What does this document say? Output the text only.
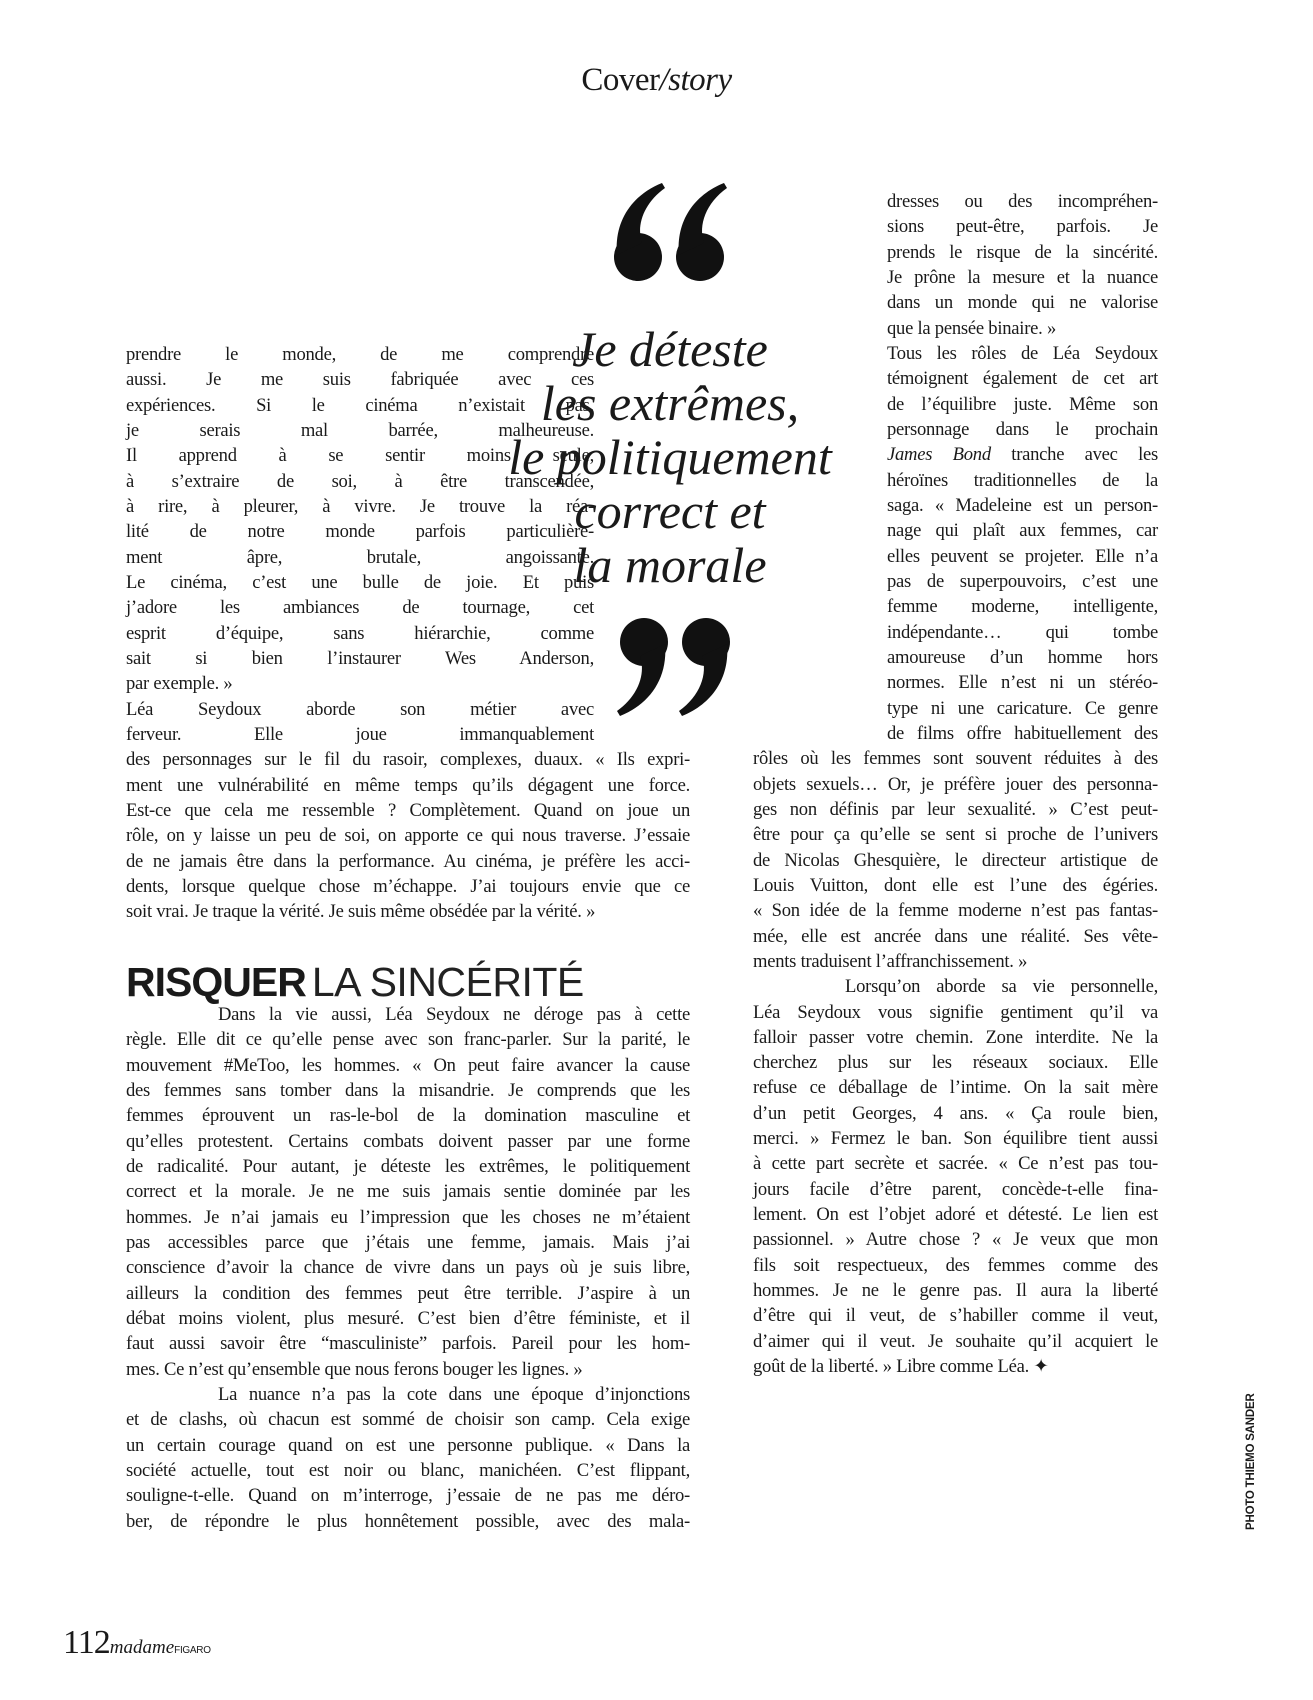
Cover/story
prendre le monde, de me comprendre
aussi. Je me suis fabriquée avec ces
expériences. Si le cinéma n’existait pas,
je serais mal barrée, malheureuse.
Il apprend à se sentir moins seule,
à s’extraire de soi, à être transcendée,
à rire, à pleurer, à vivre. Je trouve la réa-
lité de notre monde parfois particulière-
ment âpre, brutale, angoissante.
Le cinéma, c’est une bulle de joie. Et puis
j’adore les ambiances de tournage, cet
esprit d’équipe, sans hiérarchie, comme
sait si bien l’instaurer Wes Anderson,
par exemple. »
Léa Seydoux aborde son métier avec
ferveur. Elle joue immanquablement
des personnages sur le fil du rasoir, complexes, duaux. « Ils expri-
ment une vulnérabilité en même temps qu’ils dégagent une force.
Est-ce que cela me ressemble ? Complètement. Quand on joue un
rôle, on y laisse un peu de soi, on apporte ce qui nous traverse. J’essaie
de ne jamais être dans la performance. Au cinéma, je préfère les acci-
dents, lorsque quelque chose m’échappe. J’ai toujours envie que ce
soit vrai. Je traque la vérité. Je suis même obsédée par la vérité. »
RISQUER LA SINCÉRITÉ
Dans la vie aussi, Léa Seydoux ne déroge pas à cette
règle. Elle dit ce qu’elle pense avec son franc-parler. Sur la parité, le
mouvement #MeToo, les hommes. « On peut faire avancer la cause
des femmes sans tomber dans la misandrie. Je comprends que les
femmes éprouvent un ras-le-bol de la domination masculine et
qu’elles protestent. Certains combats doivent passer par une forme
de radicalité. Pour autant, je déteste les extrêmes, le politiquement
correct et la morale. Je ne me suis jamais sentie dominée par les
hommes. Je n’ai jamais eu l’impression que les choses ne m’étaient
pas accessibles parce que j’étais une femme, jamais. Mais j’ai
conscience d’avoir la chance de vivre dans un pays où je suis libre,
ailleurs la condition des femmes peut être terrible. J’aspire à un
débat moins violent, plus mesuré. C’est bien d’être féministe, et il
faut aussi savoir être “masculiniste” parfois. Pareil pour les hom-
mes. Ce n’est qu’ensemble que nous ferons bouger les lignes. »
La nuance n’a pas la cote dans une époque d’injonctions
et de clashs, où chacun est sommé de choisir son camp. Cela exige
un certain courage quand on est une personne publique. « Dans la
société actuelle, tout est noir ou blanc, manichéen. C’est flippant,
souligne-t-elle. Quand on m’interroge, j’essaie de ne pas me déro-
ber, de répondre le plus honnêtement possible, avec des mala-
dresses ou des incompréhen-
sions peut-être, parfois. Je
prends le risque de la sincérité.
Je prône la mesure et la nuance
dans un monde qui ne valorise
que la pensée binaire. »
Tous les rôles de Léa Seydoux
témoignent également de cet art
de l’équilibre juste. Même son
personnage dans le prochain
James Bond tranche avec les
héroïnes traditionnelles de la
saga. « Madeleine est un person-
nage qui plaît aux femmes, car
elles peuvent se projeter. Elle n’a
pas de superpouvoirs, c’est une
femme moderne, intelligente,
indépendante… qui tombe
amoureuse d’un homme hors
normes. Elle n’est ni un stéréo-
type ni une caricature. Ce genre
de films offre habituellement des
rôles où les femmes sont souvent réduites à des
objets sexuels… Or, je préfère jouer des personna-
ges non définis par leur sexualité. » C’est peut-
être pour ça qu’elle se sent si proche de l’univers
de Nicolas Ghesquière, le directeur artistique de
Louis Vuitton, dont elle est l’une des égéries.
« Son idée de la femme moderne n’est pas fantas-
mée, elle est ancrée dans une réalité. Ses vête-
ments traduisent l’affranchissement. »
Lorsqu’on aborde sa vie personnelle,
Léa Seydoux vous signifie gentiment qu’il va
falloir passer votre chemin. Zone interdite. Ne la
cherchez plus sur les réseaux sociaux. Elle
refuse ce déballage de l’intime. On la sait mère
d’un petit Georges, 4 ans. « Ça roule bien,
merci. » Fermez le ban. Son équilibre tient aussi
à cette part secrète et sacrée. « Ce n’est pas tou-
jours facile d’être parent, concède-t-elle fina-
lement. On est l’objet adoré et détesté. Le lien est
passionnel. » Autre chose ? « Je veux que mon
fils soit respectueux, des femmes comme des
hommes. Je ne le genre pas. Il aura la liberté
d’être qui il veut, de s’habiller comme il veut,
d’aimer qui il veut. Je souhaite qu’il acquiert le
goût de la liberté. » Libre comme Léa. ✦
Je déteste
les extrêmes,
le politiquement
correct et
la morale
112madameFIGARO
PHOTO THIEMO SANDER
